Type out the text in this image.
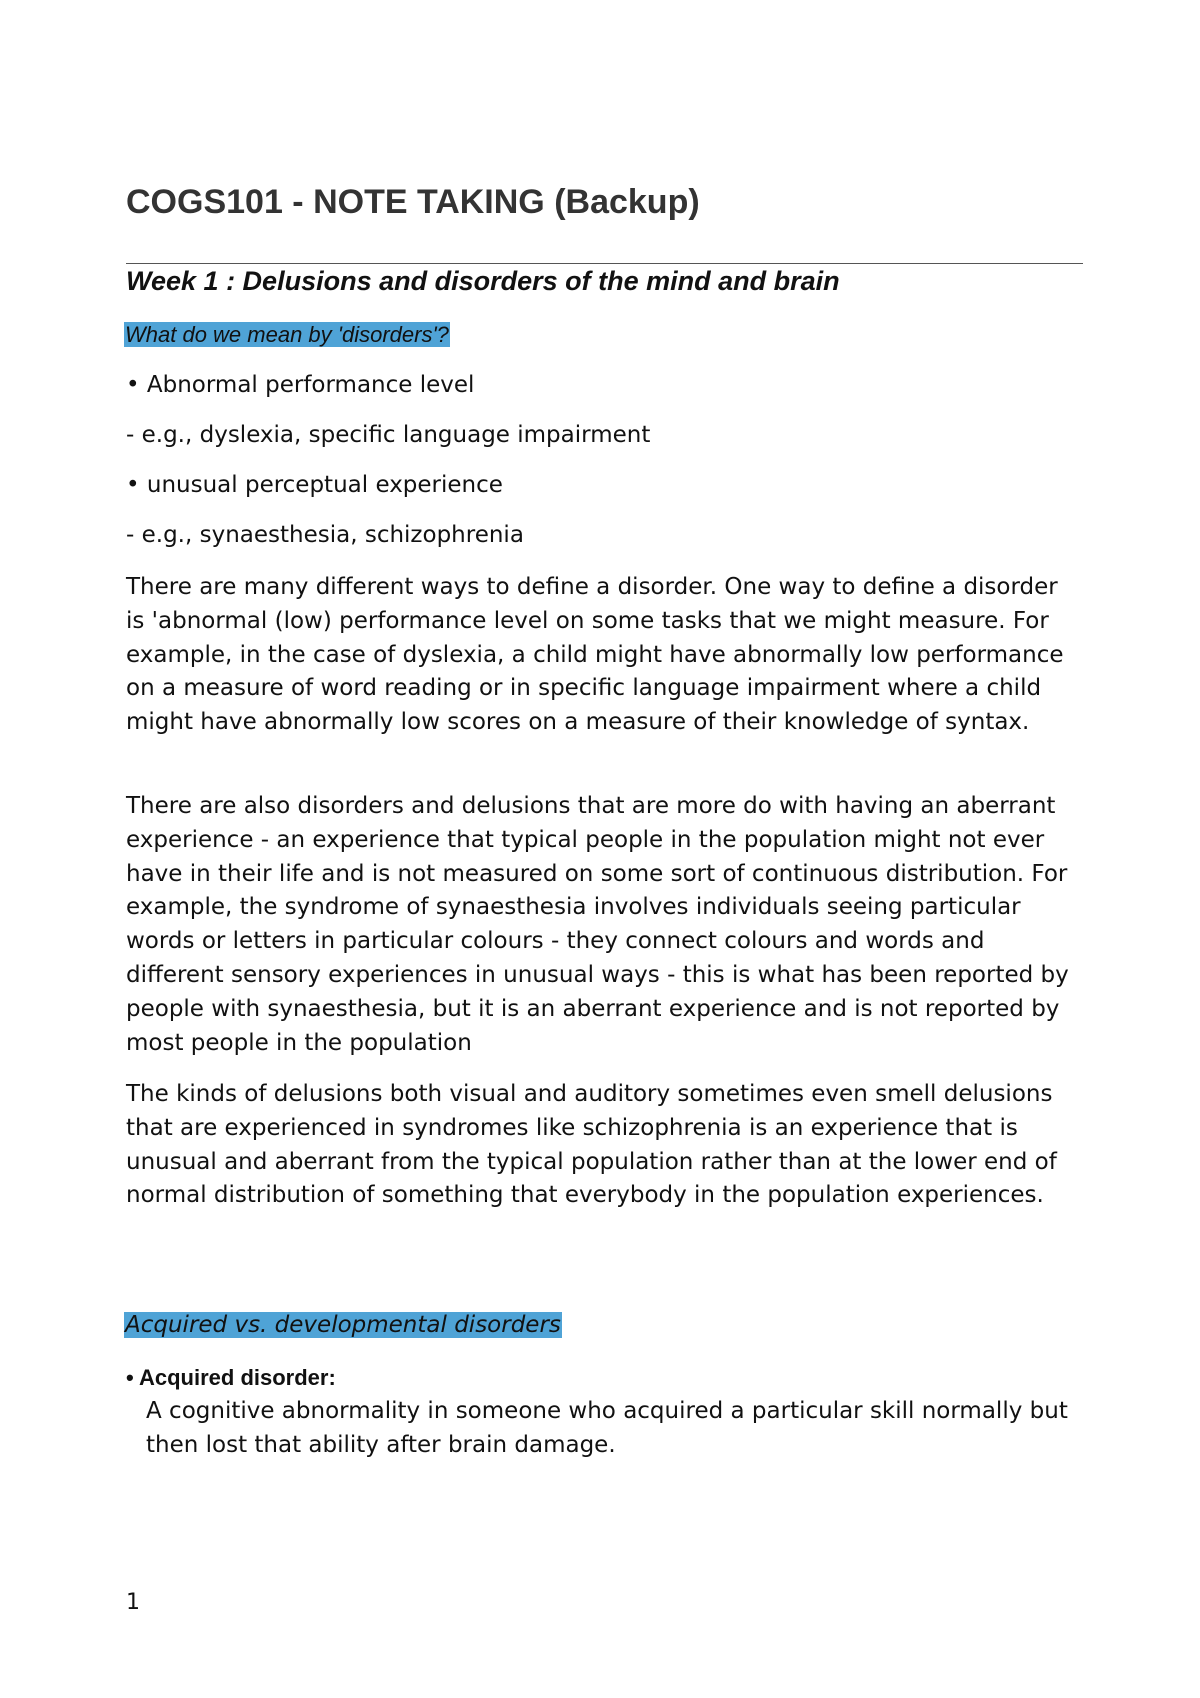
COGS101 - NOTE TAKING (Backup)
Week 1 : Delusions and disorders of the mind and brain
What do we mean by 'disorders'?
• Abnormal performance level
- e.g., dyslexia, specific language impairment
• unusual perceptual experience
- e.g., synaesthesia, schizophrenia

There are many different ways to define a disorder. One way to define a disorder is 'abnormal (low) performance level on some tasks that we might measure. For example, in the case of dyslexia, a child might have abnormally low performance on a measure of word reading or in specific language impairment where a child might have abnormally low scores on a measure of their knowledge of syntax.

There are also disorders and delusions that are more do with having an aberrant experience - an experience that typical people in the population might not ever have in their life and is not measured on some sort of continuous distribution. For example, the syndrome of synaesthesia involves individuals seeing particular words or letters in particular colours - they connect colours and words and different sensory experiences in unusual ways - this is what has been reported by people with synaesthesia, but it is an aberrant experience and is not reported by most people in the population

The kinds of delusions both visual and auditory sometimes even smell delusions that are experienced in syndromes like schizophrenia is an experience that is unusual and aberrant from the typical population rather than at the lower end of normal distribution of something that everybody in the population experiences.

Acquired vs. developmental disorders
• Acquired disorder:

A cognitive abnormality in someone who acquired a particular skill normally but then lost that ability after brain damage.

1
